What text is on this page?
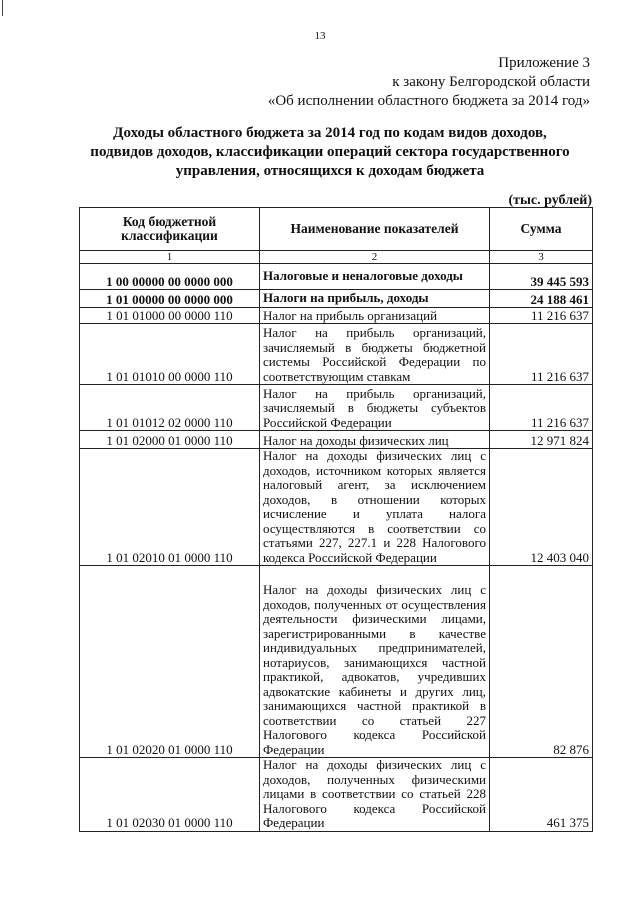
13
Приложение 3
к закону Белгородской области
«Об исполнении областного бюджета за 2014 год»
Доходы областного бюджета за 2014 год по кодам видов доходов,
подвидов доходов, классификации операций сектора государственного
управления, относящихся к доходам бюджета
(тыс. рублей)
Код бюджетной классификации	Наименование показателей	Сумма
1	2	3
1 00 00000 00 0000 000	Налоговые и неналоговые доходы	39 445 593
1 01 00000 00 0000 000	Налоги на прибыль, доходы	24 188 461
1 01 01000 00 0000 110	Налог на прибыль организаций	11 216 637
1 01 01010 00 0000 110	Налог на прибыль организаций, зачисляемый в бюджеты бюджетной системы Российской Федерации по соответствующим ставкам	11 216 637
1 01 01012 02 0000 110	Налог на прибыль организаций, зачисляемый в бюджеты субъектов Российской Федерации	11 216 637
1 01 02000 01 0000 110	Налог на доходы физических лиц	12 971 824
1 01 02010 01 0000 110	Налог на доходы физических лиц с доходов, источником которых является налоговый агент, за исключением доходов, в отношении которых исчисление и уплата налога осуществляются в соответствии со статьями 227, 227.1 и 228 Налогового кодекса Российской Федерации	12 403 040
1 01 02020 01 0000 110	Налог на доходы физических лиц с доходов, полученных от осуществления деятельности физическими лицами, зарегистрированными в качестве индивидуальных предпринимателей, нотариусов, занимающихся частной практикой, адвокатов, учредивших адвокатские кабинеты и других лиц, занимающихся частной практикой в соответствии со статьей 227 Налогового кодекса Российской Федерации	82 876
1 01 02030 01 0000 110	Налог на доходы физических лиц с доходов, полученных физическими лицами в соответствии со статьей 228 Налогового кодекса Российской Федерации	461 375
